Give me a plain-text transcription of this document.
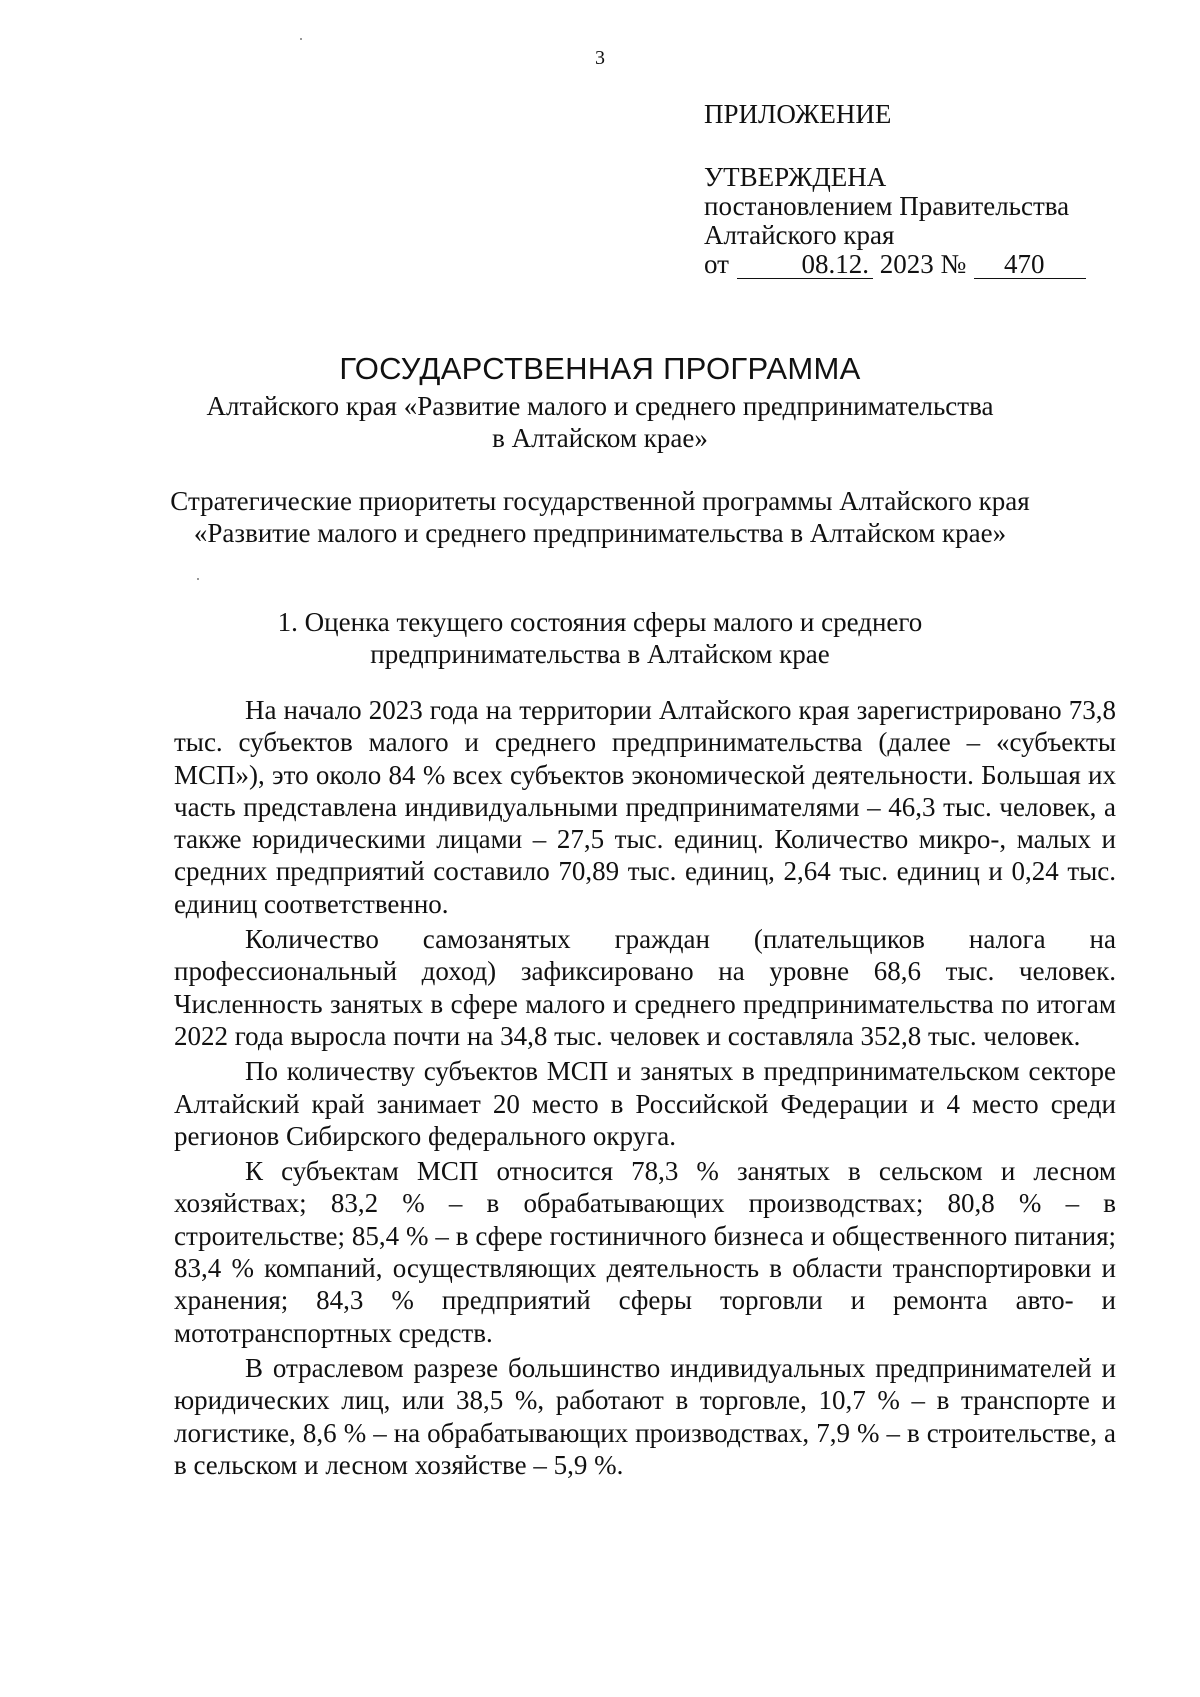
3
ПРИЛОЖЕНИЕ
УТВЕРЖДЕНА
постановлением Правительства
Алтайского края
от	08.12. 2023 № 470
ГОСУДАРСТВЕННАЯ ПРОГРАММА
Алтайского края «Развитие малого и среднего предпринимательства
в Алтайском крае»
Стратегические приоритеты государственной программы Алтайского края
«Развитие малого и среднего предпринимательства в Алтайском крае»
1. Оценка текущего состояния сферы малого и среднего
предпринимательства в Алтайском крае

На начало 2023 года на территории Алтайского края зарегистрировано 73,8 тыс. субъектов малого и среднего предпринимательства (далее – «субъекты МСП»), это около 84 % всех субъектов экономической деятельности. Большая их часть представлена индивидуальными предпринимателями – 46,3 тыс. человек, а также юридическими лицами – 27,5 тыс. единиц. Количество микро-, малых и средних предприятий составило 70,89 тыс. единиц, 2,64 тыс. единиц и 0,24 тыс. единиц соответственно.

Количество самозанятых граждан (плательщиков налога на профессиональный доход) зафиксировано на уровне 68,6 тыс. человек. Численность занятых в сфере малого и среднего предпринимательства по итогам 2022 года выросла почти на 34,8 тыс. человек и составляла 352,8 тыс. человек.

По количеству субъектов МСП и занятых в предпринимательском секторе Алтайский край занимает 20 место в Российской Федерации и 4 место среди регионов Сибирского федерального округа.

К субъектам МСП относится 78,3 % занятых в сельском и лесном хозяйствах; 83,2 % – в обрабатывающих производствах; 80,8 % – в строительстве; 85,4 % – в сфере гостиничного бизнеса и общественного питания; 83,4 % компаний, осуществляющих деятельность в области транспортировки и хранения; 84,3 % предприятий сферы торговли и ремонта авто- и мототранспортных средств.

В отраслевом разрезе большинство индивидуальных предпринимателей и юридических лиц, или 38,5 %, работают в торговле, 10,7 % – в транспорте и логистике, 8,6 % – на обрабатывающих производствах, 7,9 % – в строительстве, а в сельском и лесном хозяйстве – 5,9 %.
